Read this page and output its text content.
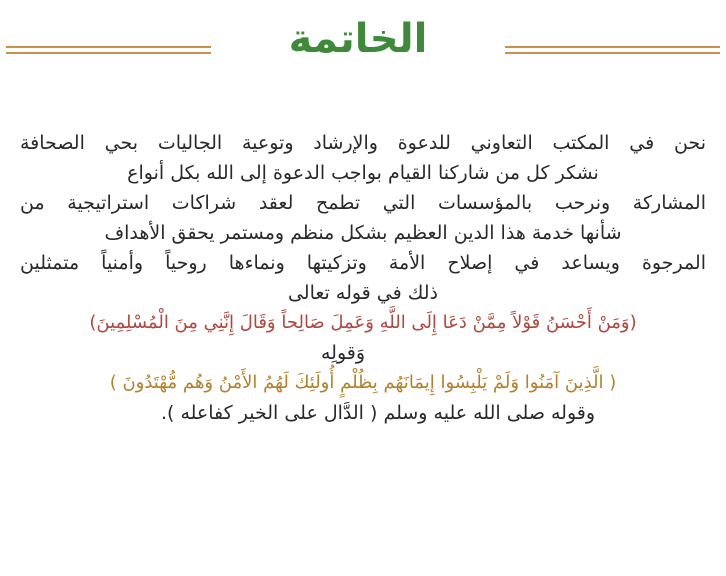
الخاتمة
نحن في المكتب التعاوني للدعوة والإرشاد وتوعية الجاليات بحي الصحافة
نشكر كل من شاركنا القيام بواجب الدعوة إلى الله بكل أنواع
المشاركة ونرحب بالمؤسسات التي تطمح لعقد شراكات استراتيجية من
شأنها خدمة هذا الدين العظيم بشكل منظم ومستمر يحقق الأهداف
المرجوة ويساعد في إصلاح الأمة وتزكيتها ونماءها روحياً وأمنياً متمثلين
ذلك في قوله تعالى
(وَمَنْ أَحْسَنُ قَوْلاً مِمَّنْ دَعَا إِلَى اللَّهِ وَعَمِلَ صَالِحاً وَقَالَ إِنَّنِي مِنَ الْمُسْلِمِينَ)
وَقولِه
( الَّذِينَ آمَنُوا وَلَمْ يَلْبِسُوا إِيمَانَهُم بِظُلْمٍ أُولَئِكَ لَهُمُ الأَمْنُ وَهُم مُّهْتَدُونَ )
وقوله صلى الله عليه وسلم ( الدَّال على الخير كفاعله ).
